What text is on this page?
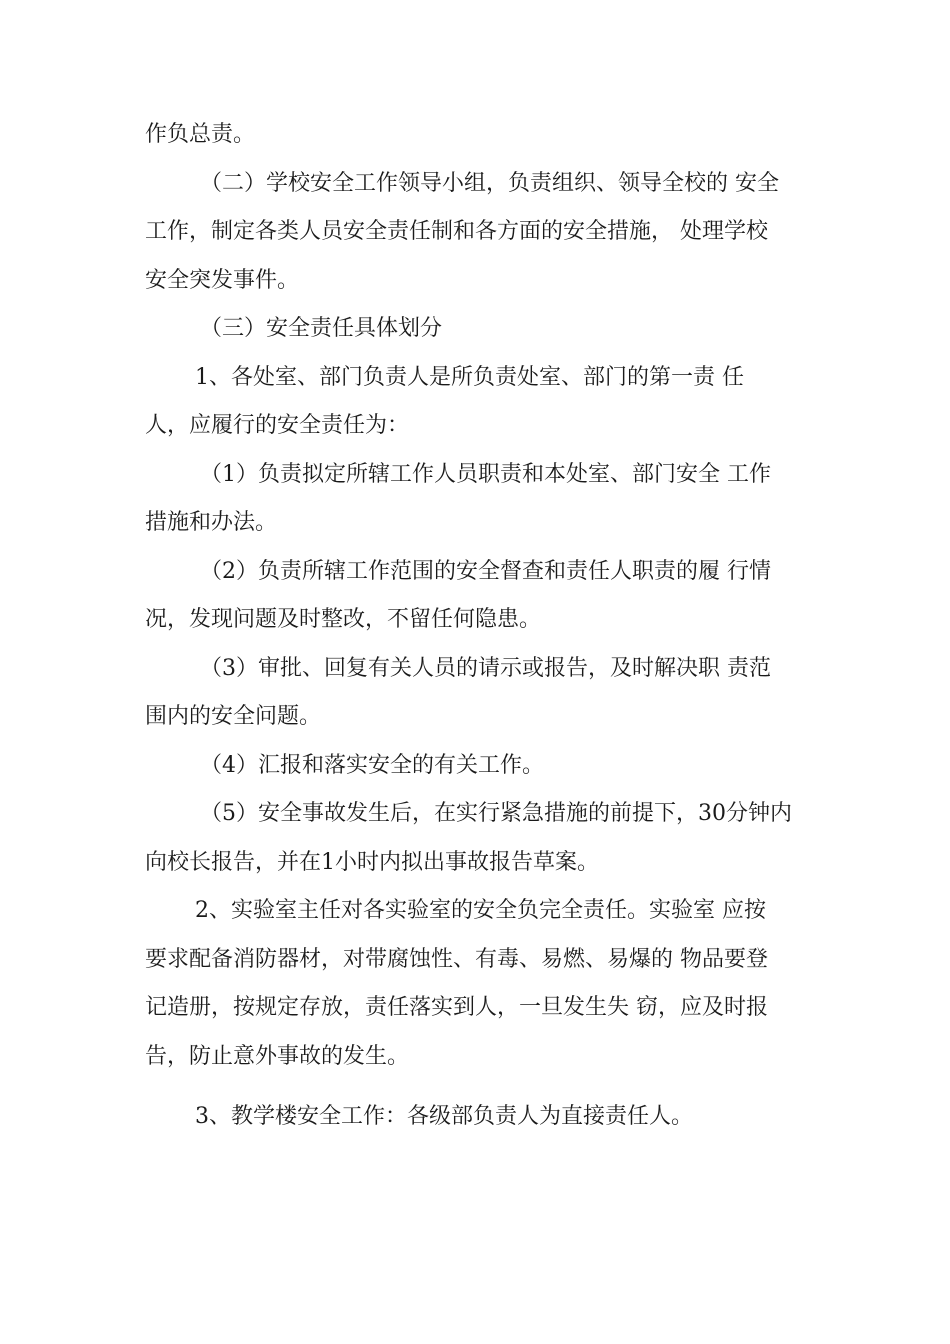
作负总责。
（二）学校安全工作领导小组，负责组织、领导全校的 安全
工作，制定各类人员安全责任制和各方面的安全措施， 处理学校
安全突发事件。
（三）安全责任具体划分
1、各处室、部门负责人是所负责处室、部门的第一责 任
人，应履行的安全责任为：
（1）负责拟定所辖工作人员职责和本处室、部门安全 工作
措施和办法。
（2）负责所辖工作范围的安全督查和责任人职责的履 行情
况，发现问题及时整改，不留任何隐患。
（3）审批、回复有关人员的请示或报告，及时解决职 责范
围内的安全问题。
（4）汇报和落实安全的有关工作。
（5）安全事故发生后，在实行紧急措施的前提下，30分钟内
向校长报告，并在1小时内拟出事故报告草案。
2、实验室主任对各实验室的安全负完全责任。实验室 应按
要求配备消防器材，对带腐蚀性、有毒、易燃、易爆的 物品要登
记造册，按规定存放，责任落实到人，一旦发生失 窃，应及时报
告，防止意外事故的发生。
3、教学楼安全工作：各级部负责人为直接责任人。
